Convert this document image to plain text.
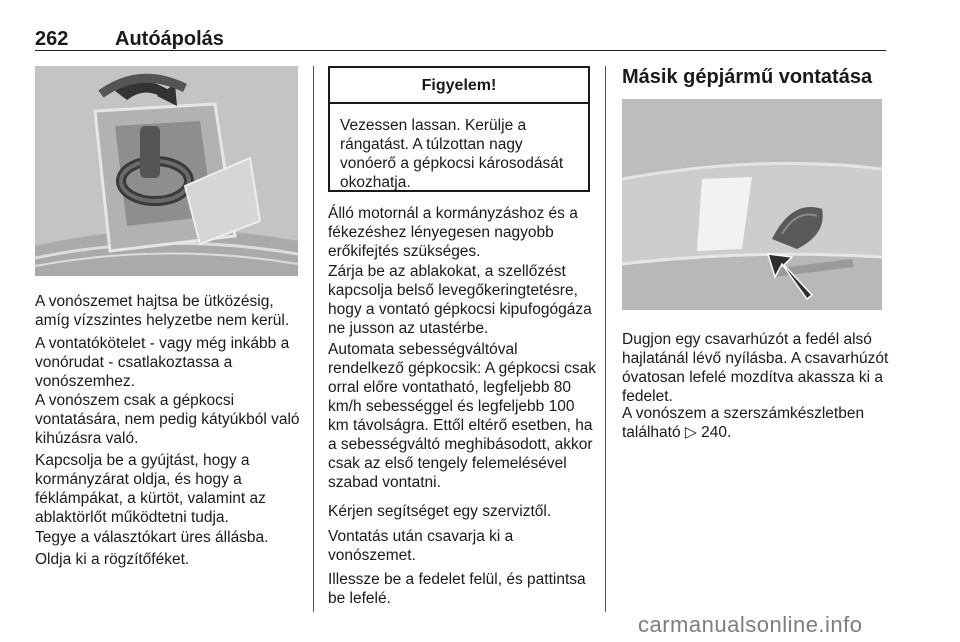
262 Autóápolás

A vonószemet hajtsa be ütközésig, amíg vízszintes helyzetbe nem kerül.

A vontatókötelet - vagy még inkább a vonórudat - csatlakoztassa a vonószemhez.

A vonószem csak a gépkocsi vontatására, nem pedig kátyúkból való kihúzásra való.

Kapcsolja be a gyújtást, hogy a kormányzárat oldja, és hogy a féklámpákat, a kürtöt, valamint az ablaktörlőt működtetni tudja.

Tegye a választókart üres állásba.

Oldja ki a rögzítőféket.

Figyelem!

Vezessen lassan. Kerülje a rángatást. A túlzottan nagy vonóerő a gépkocsi károsodását okozhatja.

Álló motornál a kormányzáshoz és a fékezéshez lényegesen nagyobb erőkifejtés szükséges.

Zárja be az ablakokat, a szellőzést kapcsolja belső levegőkeringtetésre, hogy a vontató gépkocsi kipufogógáza ne jusson az utastérbe.

Automata sebességváltóval rendelkező gépkocsik: A gépkocsi csak orral előre vontatható, legfeljebb 80 km/h sebességgel és legfeljebb 100 km távolságra. Ettől eltérő esetben, ha a sebességváltó meghibásodott, akkor csak az első tengely felemelésével szabad vontatni.

Kérjen segítséget egy szerviztől.

Vontatás után csavarja ki a vonószemet.

Illessze be a fedelet felül, és pattintsa be lefelé.

Másik gépjármű vontatása

Dugjon egy csavarhúzót a fedél alsó hajlatánál lévő nyílásba. A csavarhúzót óvatosan lefelé mozdítva akassza ki a fedelet.

A vonószem a szerszámkészletben található ▷ 240.

carmanualsonline.info
